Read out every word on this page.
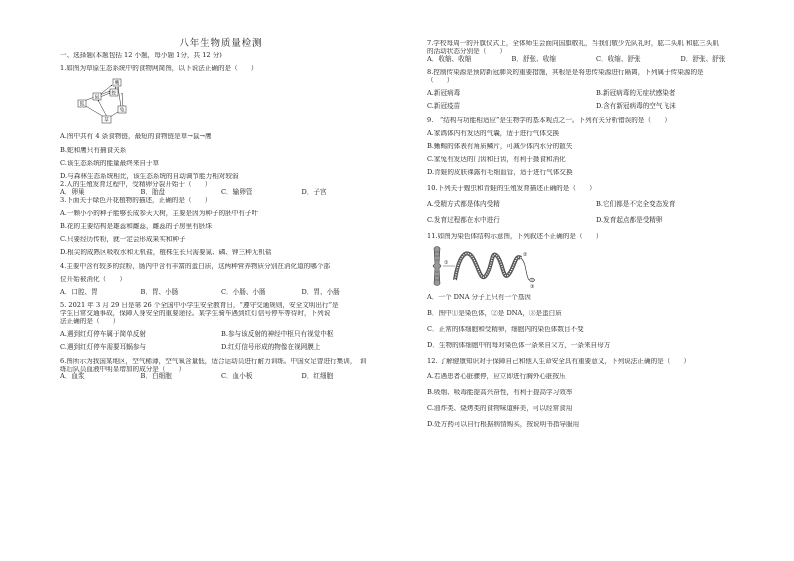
八年生物质量检测
一、选择题(本题包括 12 小题，每小题 1分，共 12 分)
1.如图为草原生态系统中的食物网简图，以下说法正确的是（　　）
鹰
蛇
鼠
狐
兔
草
A.图中共有 4 条食物链，最短的食物链是草→鼠→鹰
B.蛇和鹰只有捕食关系
C.该生态系统的能量最终来自于草
D.与森林生态系统相比，该生态系统的自动调节能力相对较弱
2.人的生殖发育过程中，受精卵分裂开始于（　　）
A．卵巢	B．胎盘	C．输卵管	D．子宫
3.下面关于绿色开花植物的描述，正确的是（　　）
A.一颗小小的种子能够长成参天大树，主要是因为种子的胚中有子叶
B.花的主要结构是雄蕊和雌蕊，雌蕊的子房里有胚珠
C.只要经历传粉，就一定会形成果实和种子
D.根尖的成熟区吸收水和无机盐，植株生长只需要氮、磷、钾三种无机盐
4.主要中含有较多的淀粉，肠内中含有丰富的蛋白质，这两种营养物质分别在消化道的哪个部
位开始被消化（　　）
A．口腔、胃	B．胃、小肠	C．小肠、小肠	D．胃、小肠
5. 2021 年 3 月 29 日是第 26 个全国中小学生安全教育日，“遵守交通规则，安全文明出行”是
学生日常交通事故，保障人身安全的重要途径。某学生骑车遇到红灯信号停车等待时，下列说
法正确的是（　　）
A.遇到红灯停车属于简单反射	B.参与该反射的神经中枢只有视觉中枢
C.遇到红灯停车需要耳蜗参与	D.红灯信号形成的物像在视网膜上
6.图所示为我国某地区，空气稀薄，空气氧含量低，适合运动员进行耐力训练。中国女足曾进行集训，　训
练后队员血液中明显增加的成分是（　　）
A．血浆	B．白细胞	C．血小板	D．红细胞
7.学校每周一的升旗仪式上，全体师生会面向国旗敬礼，当我们敬少先队礼时，肱二头肌 和肱三头肌
的活动状态分别是（　　）
A．收缩、收缩	B．舒张、收缩	C．收缩、舒张	D．舒张、舒张
8.控制传染源是预防新冠肺炎的重要措施，其根是是将患传染源进行隔离，下列属于传染源的是
（　　）
A.新冠病毒	B.新冠病毒的无症状感染者
C.新冠疫苗	D.含有新冠病毒的空气飞沫
9.　“结构与功能相适应”是生物学的基本观点之一。下列有关分析错误的是（　　）
A.家鸽体内有发达的气囊，适于进行气体交换
B.蜥蜴的体表有角质鳞片，可减少体内水分的散失
C.家兔有发达的门齿和臼齿，有利于摄食和消化
D.青蛙的皮肤裸露有毛细血管，适于进行气体交换
10.下列关于蝗虫和青蛙的生殖发育描述正确的是（　　）
A.受精方式都是体内受精	B.它们都是不完全变态发育
C.发育过程都在水中进行	D.发育起点都是受精卵
11.如图为染色体结构示意图，下列叙述不正确的是（　　）
①
②
③
A．一个 DNA 分子上只有一个基因
B．图中①是染色体，②是 DNA，③是蛋白质
C．正常的体细胞和受精卵，细胞内的染色体数目不变
D．生物的体细胞中的每对染色体一条来自父方，一条来自母方
12. 了解健康知识对于保障自己和他人生命安全具有重要意义，下列说法正确的是（　　）
A.若遇患者心脏骤停，应立即进行胸外心脏按压
B.吸烟、吸毒能提高兴奋性，有利于提高学习效率
C.油炸类、烧烤类的食物味道鲜美，可以经常食用
D.处方药可以自行根据病情购买，按说明书指导服用
